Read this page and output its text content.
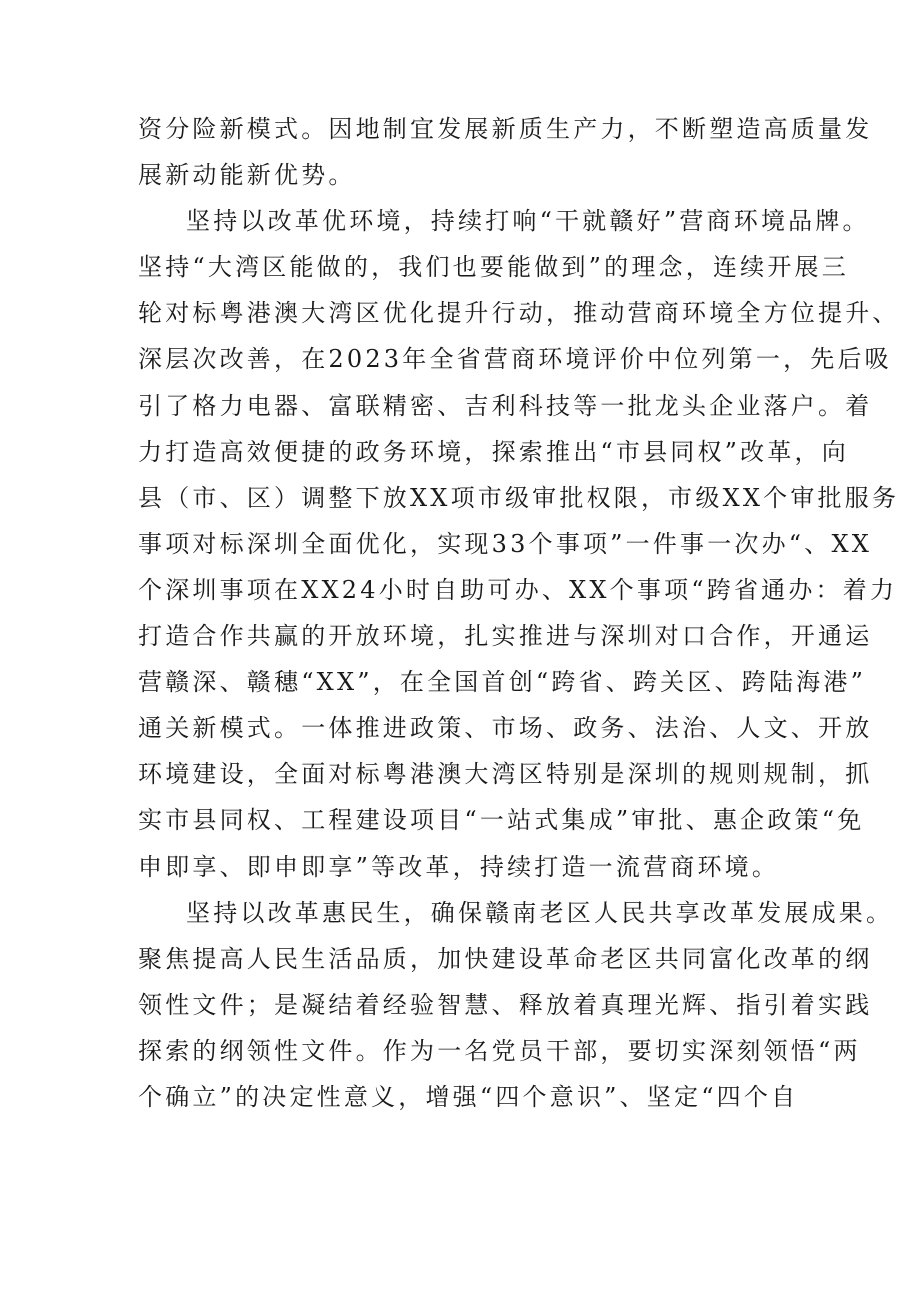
资分险新模式。因地制宜发展新质生产力，不断塑造高质量发
展新动能新优势。
坚持以改革优环境，持续打响“干就赣好”营商环境品牌。
坚持“大湾区能做的，我们也要能做到”的理念，连续开展三
轮对标粤港澳大湾区优化提升行动，推动营商环境全方位提升、
深层次改善，在2023年全省营商环境评价中位列第一，先后吸
引了格力电器、富联精密、吉利科技等一批龙头企业落户。着
力打造高效便捷的政务环境，探索推出“市县同权”改革，向
县（市、区）调整下放XX项市级审批权限，市级XX个审批服务
事项对标深圳全面优化，实现33个事项”一件事一次办“、XX
个深圳事项在XX24小时自助可办、XX个事项“跨省通办：着力
打造合作共赢的开放环境，扎实推进与深圳对口合作，开通运
营赣深、赣穗“XX”，在全国首创“跨省、跨关区、跨陆海港”
通关新模式。一体推进政策、市场、政务、法治、人文、开放
环境建设，全面对标粤港澳大湾区特别是深圳的规则规制，抓
实市县同权、工程建设项目“一站式集成”审批、惠企政策“免
申即享、即申即享”等改革，持续打造一流营商环境。
坚持以改革惠民生，确保赣南老区人民共享改革发展成果。
聚焦提高人民生活品质，加快建设革命老区共同富化改革的纲
领性文件；是凝结着经验智慧、释放着真理光辉、指引着实践
探索的纲领性文件。作为一名党员干部，要切实深刻领悟“两
个确立”的决定性意义，增强“四个意识”、坚定“四个自
